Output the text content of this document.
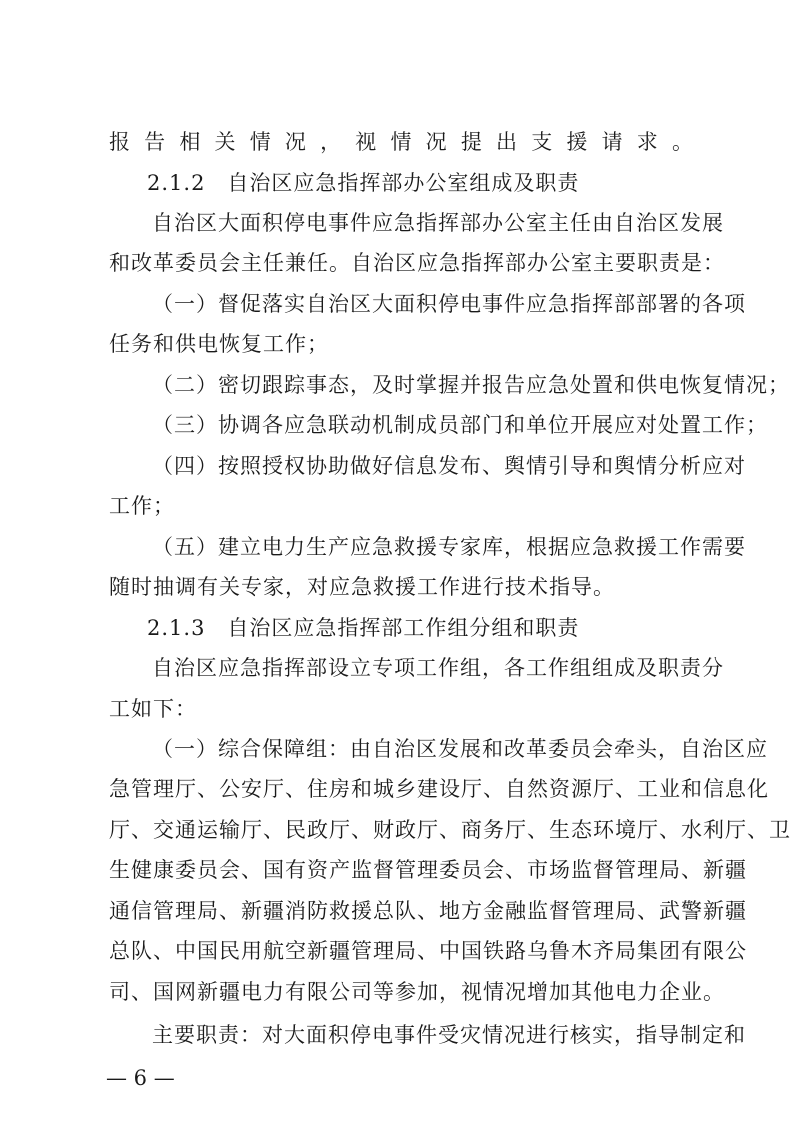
报告相关情况，视情况提出支援请求。
2.1.2　自治区应急指挥部办公室组成及职责
自治区大面积停电事件应急指挥部办公室主任由自治区发展
和改革委员会主任兼任。自治区应急指挥部办公室主要职责是：
（一）督促落实自治区大面积停电事件应急指挥部部署的各项
任务和供电恢复工作；
（二）密切跟踪事态，及时掌握并报告应急处置和供电恢复情况；
（三）协调各应急联动机制成员部门和单位开展应对处置工作；
（四）按照授权协助做好信息发布、舆情引导和舆情分析应对
工作；
（五）建立电力生产应急救援专家库，根据应急救援工作需要
随时抽调有关专家，对应急救援工作进行技术指导。
2.1.3　自治区应急指挥部工作组分组和职责
自治区应急指挥部设立专项工作组，各工作组组成及职责分
工如下：
（一）综合保障组：由自治区发展和改革委员会牵头，自治区应
急管理厅、公安厅、住房和城乡建设厅、自然资源厅、工业和信息化
厅、交通运输厅、民政厅、财政厅、商务厅、生态环境厅、水利厅、卫
生健康委员会、国有资产监督管理委员会、市场监督管理局、新疆
通信管理局、新疆消防救援总队、地方金融监督管理局、武警新疆
总队、中国民用航空新疆管理局、中国铁路乌鲁木齐局集团有限公
司、国网新疆电力有限公司等参加，视情况增加其他电力企业。
主要职责：对大面积停电事件受灾情况进行核实，指导制定和
— 6 —
